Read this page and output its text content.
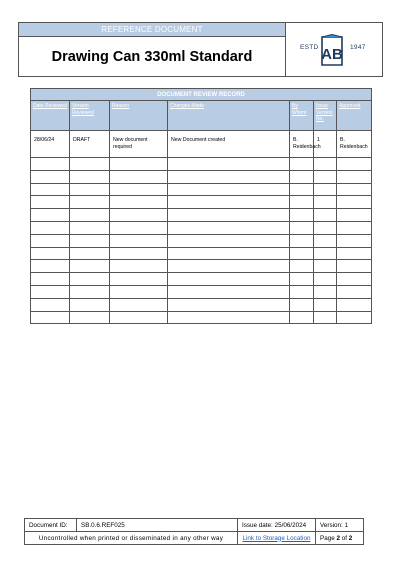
REFERENCE DOCUMENT
Drawing Can 330ml Standard
ESTD AB 1947
DOCUMENT REVIEW RECORD						
Date Reviewed	Version Reviewed	Reason	Changes Made	By Whom	Issue Version No.	Approved
28/06/24	DRAFT	New document required	New Document created	B. Reidenbach	1	B. Reidenbach

Document ID:	SB.0.6.REF025	Issue date: 25/06/2024	Version: 1
Uncontrolled when printed or disseminated in any other way		Link to Storage Location	Page 2 of 2
